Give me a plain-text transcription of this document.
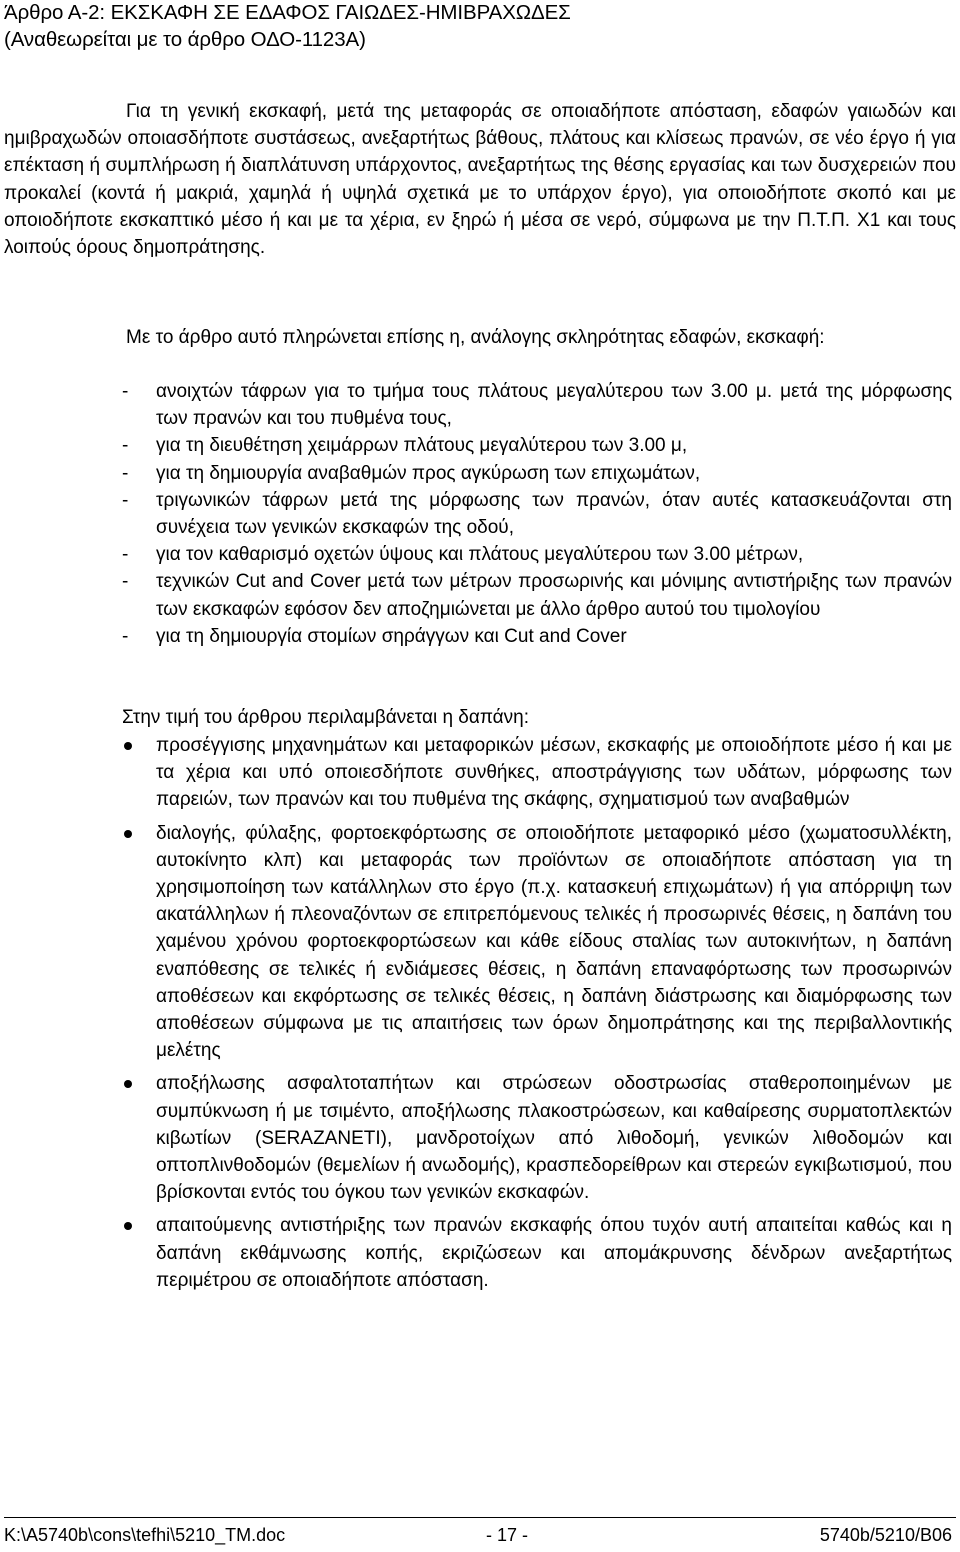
Άρθρο Α-2: ΕΚΣΚΑΦΗ ΣΕ ΕΔΑΦΟΣ ΓΑΙΩΔΕΣ-ΗΜΙΒΡΑΧΩΔΕΣ
(Αναθεωρείται με το άρθρο ΟΔΟ-1123Α)
Για τη γενική εκσκαφή, μετά της μεταφοράς σε οποιαδήποτε απόσταση, εδαφών γαιωδών και ημιβραχωδών οποιασδήποτε συστάσεως, ανεξαρτήτως βάθους, πλάτους και κλίσεως πρανών, σε νέο έργο ή για επέκταση ή συμπλήρωση ή διαπλάτυνση υπάρχοντος, ανεξαρτήτως της θέσης εργασίας και των δυσχερειών που προκαλεί (κοντά ή μακριά, χαμηλά ή υψηλά σχετικά με το υπάρχον έργο), για οποιοδήποτε σκοπό και με οποιοδήποτε εκσκαπτικό μέσο ή και με τα χέρια, εν ξηρώ ή μέσα σε νερό, σύμφωνα με την Π.Τ.Π. Χ1 και τους λοιπούς όρους δημοπράτησης.
Με το άρθρο αυτό πληρώνεται επίσης η, ανάλογης σκληρότητας εδαφών, εκσκαφή:
- ανοιχτών τάφρων για το τμήμα τους πλάτους μεγαλύτερου των 3.00 μ. μετά της μόρφωσης των πρανών και του πυθμένα τους,
- για τη διευθέτηση χειμάρρων πλάτους μεγαλύτερου των 3.00 μ,
- για τη δημιουργία αναβαθμών προς αγκύρωση των επιχωμάτων,
- τριγωνικών τάφρων μετά της μόρφωσης των πρανών, όταν αυτές κατασκευάζονται στη συνέχεια των γενικών εκσκαφών της οδού,
- για τον καθαρισμό οχετών ύψους και πλάτους μεγαλύτερου των 3.00 μέτρων,
- τεχνικών Cut and Cover μετά των μέτρων προσωρινής και μόνιμης αντιστήριξης των πρανών των εκσκαφών εφόσον δεν αποζημιώνεται με άλλο άρθρο αυτού του τιμολογίου
- για τη δημιουργία στομίων σηράγγων και Cut and Cover
Στην τιμή του άρθρου περιλαμβάνεται η δαπάνη:
προσέγγισης μηχανημάτων και μεταφορικών μέσων, εκσκαφής με οποιοδήποτε μέσο ή και με τα χέρια και υπό οποιεσδήποτε συνθήκες, αποστράγγισης των υδάτων, μόρφωσης των παρειών, των πρανών και του πυθμένα της σκάφης, σχηματισμού των αναβαθμών
διαλογής, φύλαξης, φορτοεκφόρτωσης σε οποιοδήποτε μεταφορικό μέσο (χωματοσυλλέκτη, αυτοκίνητο κλπ) και μεταφοράς των προϊόντων σε οποιαδήποτε απόσταση για τη χρησιμοποίηση των κατάλληλων στο έργο (π.χ. κατασκευή επιχωμάτων) ή για απόρριψη των ακατάλληλων ή πλεοναζόντων σε επιτρεπόμενους τελικές ή προσωρινές θέσεις, η δαπάνη του χαμένου χρόνου φορτοεκφορτώσεων και κάθε είδους σταλίας των αυτοκινήτων, η δαπάνη εναπόθεσης σε τελικές ή ενδιάμεσες θέσεις, η δαπάνη επαναφόρτωσης των προσωρινών αποθέσεων και εκφόρτωσης σε τελικές θέσεις, η δαπάνη διάστρωσης και διαμόρφωσης των αποθέσεων σύμφωνα με τις απαιτήσεις των όρων δημοπράτησης και της περιβαλλοντικής μελέτης
αποξήλωσης ασφαλτοταπήτων και στρώσεων οδοστρωσίας σταθεροποιημένων με συμπύκνωση ή με τσιμέντο, αποξήλωσης πλακοστρώσεων, και καθαίρεσης συρματοπλεκτών κιβωτίων (SERAZANETI), μανδροτοίχων από λιθοδομή, γενικών λιθοδομών και οπτοπλινθοδομών (θεμελίων ή ανωδομής), κρασπεδορείθρων και στερεών εγκιβωτισμού, που βρίσκονται εντός του όγκου των γενικών εκσκαφών.
απαιτούμενης αντιστήριξης των πρανών εκσκαφής όπου τυχόν αυτή απαιτείται καθώς και η δαπάνη εκθάμνωσης κοπής, εκριζώσεων και απομάκρυνσης δένδρων ανεξαρτήτως περιμέτρου σε οποιαδήποτε απόσταση.
K:\A5740b\cons\tefhi\5210_TM.doc	- 17 -	5740b/5210/B06
